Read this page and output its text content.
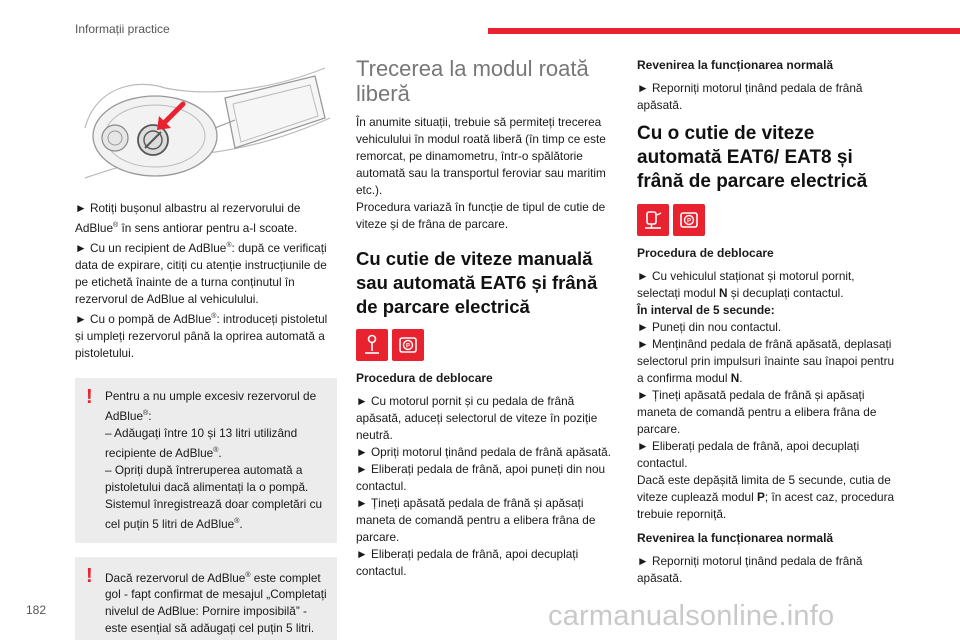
Informații practice
► Rotiți bușonul albastru al rezervorului de AdBlue® în sens antiorar pentru a-l scoate.
► Cu un recipient de AdBlue®: după ce verificați data de expirare, citiți cu atenție instrucțiunile de pe etichetă înainte de a turna conținutul în rezervorul de AdBlue al vehiculului.
► Cu o pompă de AdBlue®: introduceți pistoletul și umpleți rezervorul până la oprirea automată a pistoletului.
! Pentru a nu umple excesiv rezervorul de AdBlue®:
– Adăugați între 10 și 13 litri utilizând recipiente de AdBlue®.
– Opriți după întreruperea automată a pistoletului dacă alimentați la o pompă.
Sistemul înregistrează doar completări cu cel puțin 5 litri de AdBlue®.
! Dacă rezervorul de AdBlue® este complet gol - fapt confirmat de mesajul „Completați nivelul de AdBlue: Pornire imposibilă” - este esențial să adăugați cel puțin 5 litri.
Trecerea la modul roată liberă
În anumite situații, trebuie să permiteți trecerea vehiculului în modul roată liberă (în timp ce este remorcat, pe dinamometru, într-o spălătorie automată sau la transportul feroviar sau maritim etc.).
Procedura variază în funcție de tipul de cutie de viteze și de frâna de parcare.
Cu cutie de viteze manuală sau automată EAT6 și frână de parcare electrică
P
Procedura de deblocare
► Cu motorul pornit și cu pedala de frână apăsată, aduceți selectorul de viteze în poziție neutră.
► Opriți motorul ținând pedala de frână apăsată.
► Eliberați pedala de frână, apoi puneți din nou contactul.
► Țineți apăsată pedala de frână și apăsați maneta de comandă pentru a elibera frâna de parcare.
► Eliberați pedala de frână, apoi decuplați contactul.
Revenirea la funcționarea normală
► Reporniți motorul ținând pedala de frână apăsată.
Cu o cutie de viteze automată EAT6/ EAT8 și frână de parcare electrică
P
Procedura de deblocare
► Cu vehiculul staționat și motorul pornit, selectați modul N și decuplați contactul.
În interval de 5 secunde:
► Puneți din nou contactul.
► Menținând pedala de frână apăsată, deplasați selectorul prin impulsuri înainte sau înapoi pentru a confirma modul N.
► Țineți apăsată pedala de frână și apăsați maneta de comandă pentru a elibera frâna de parcare.
► Eliberați pedala de frână, apoi decuplați contactul.
Dacă este depășită limita de 5 secunde, cutia de viteze cuplează modul P; în acest caz, procedura trebuie reporniță.
Revenirea la funcționarea normală
► Reporniți motorul ținând pedala de frână apăsată.
182	carmanualsonline.info
